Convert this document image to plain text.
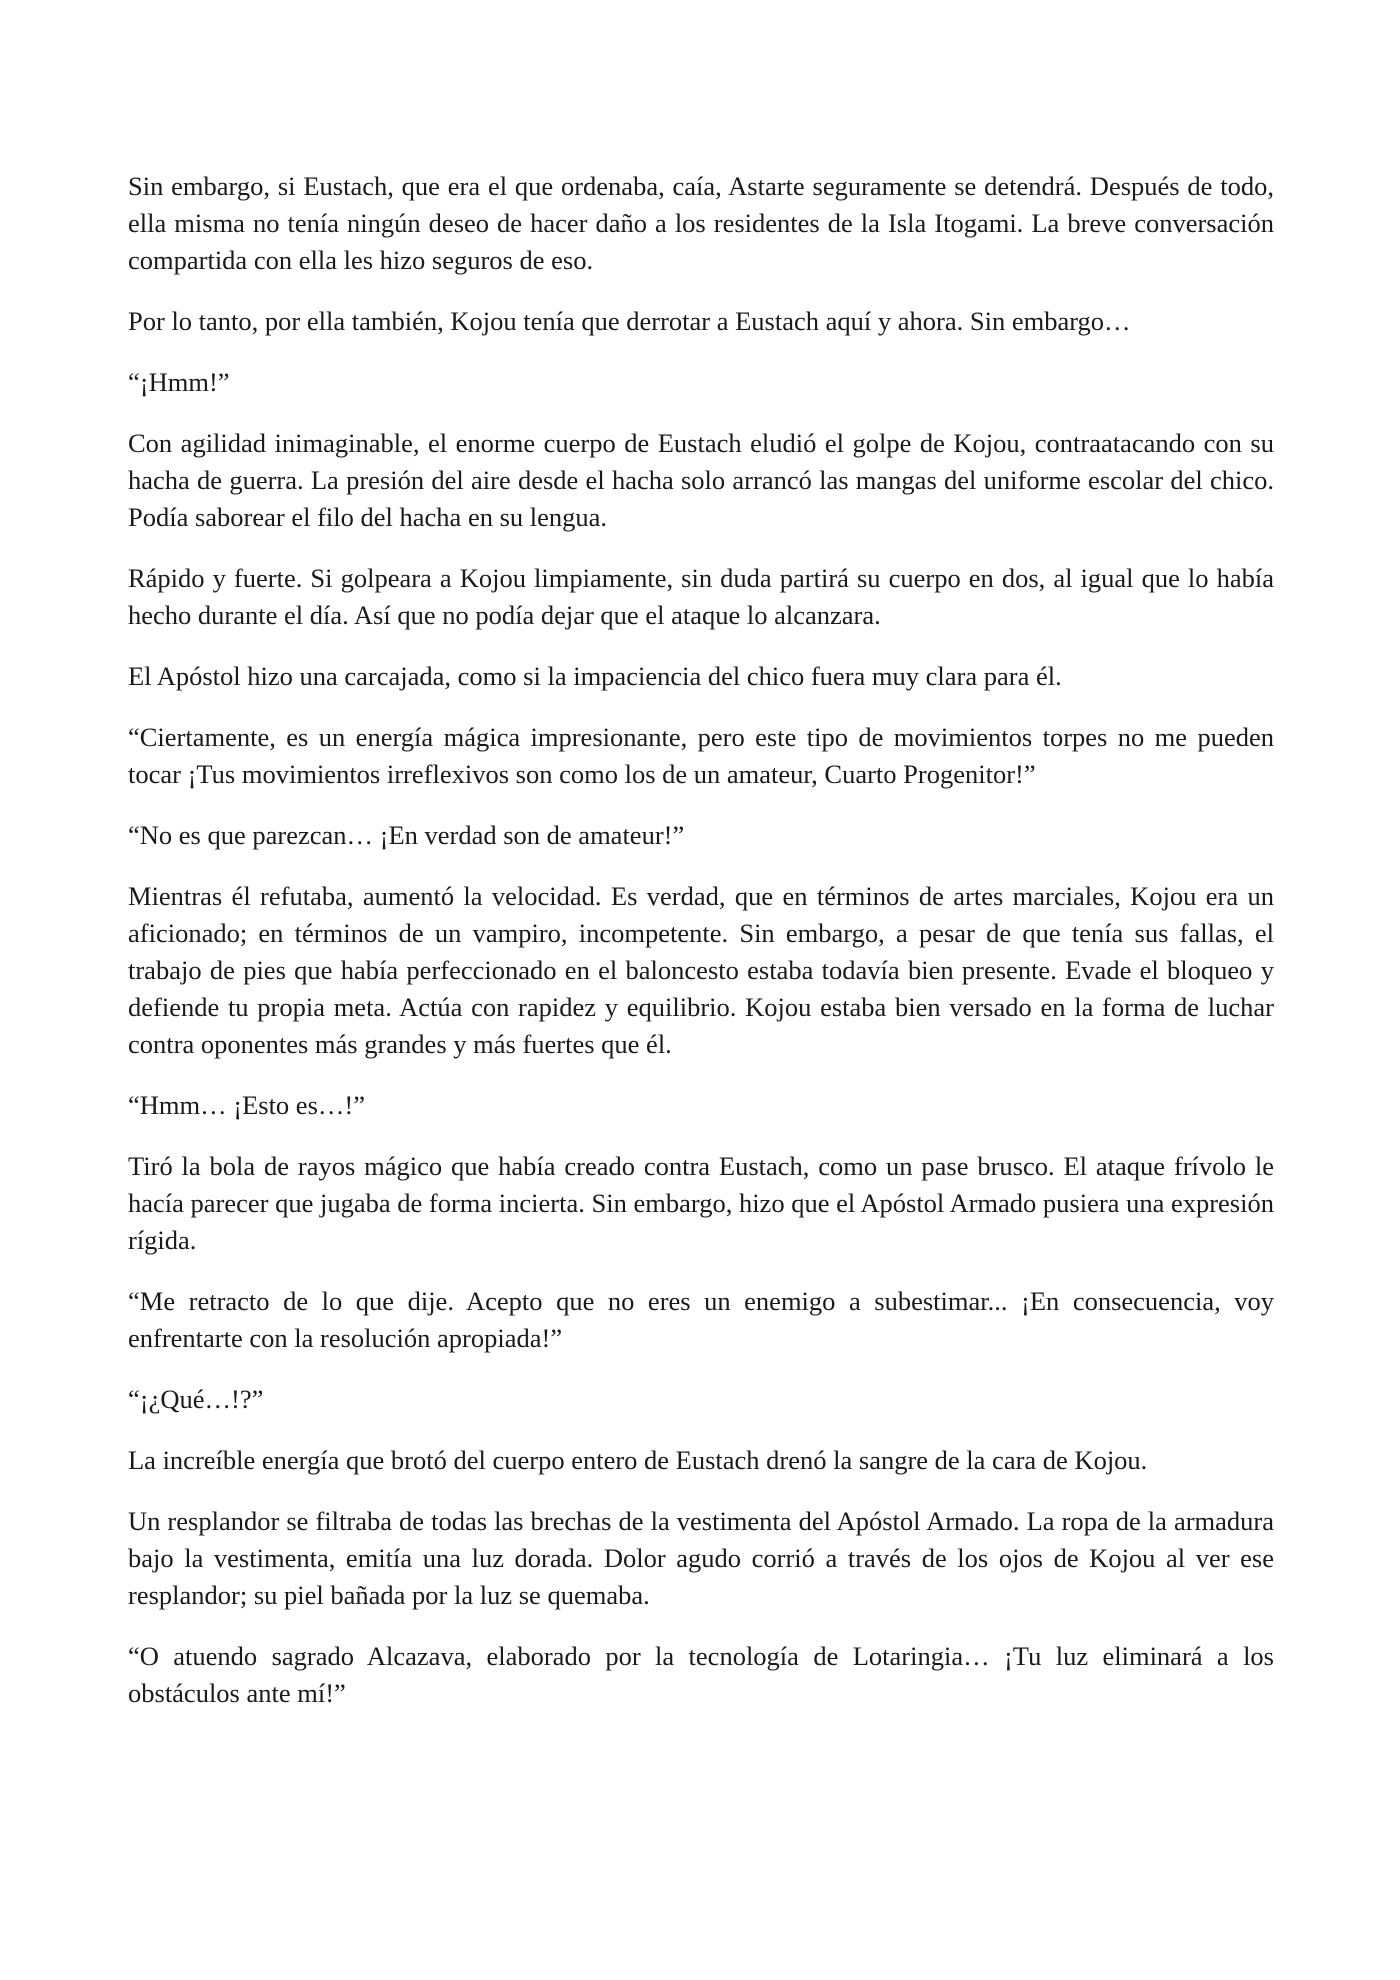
Sin embargo, si Eustach, que era el que ordenaba, caía, Astarte seguramente se detendrá. Después de todo, ella misma no tenía ningún deseo de hacer daño a los residentes de la Isla Itogami. La breve conversación compartida con ella les hizo seguros de eso.

Por lo tanto, por ella también, Kojou tenía que derrotar a Eustach aquí y ahora. Sin embargo…

“¡Hmm!”

Con agilidad inimaginable, el enorme cuerpo de Eustach eludió el golpe de Kojou, contraatacando con su hacha de guerra. La presión del aire desde el hacha solo arrancó las mangas del uniforme escolar del chico. Podía saborear el filo del hacha en su lengua.

Rápido y fuerte. Si golpeara a Kojou limpiamente, sin duda partirá su cuerpo en dos, al igual que lo había hecho durante el día. Así que no podía dejar que el ataque lo alcanzara.

El Apóstol hizo una carcajada, como si la impaciencia del chico fuera muy clara para él.

“Ciertamente, es un energía mágica impresionante, pero este tipo de movimientos torpes no me pueden tocar ¡Tus movimientos irreflexivos son como los de un amateur, Cuarto Progenitor!”

“No es que parezcan… ¡En verdad son de amateur!”

Mientras él refutaba, aumentó la velocidad. Es verdad, que en términos de artes marciales, Kojou era un aficionado; en términos de un vampiro, incompetente. Sin embargo, a pesar de que tenía sus fallas, el trabajo de pies que había perfeccionado en el baloncesto estaba todavía bien presente. Evade el bloqueo y defiende tu propia meta. Actúa con rapidez y equilibrio. Kojou estaba bien versado en la forma de luchar contra oponentes más grandes y más fuertes que él.

“Hmm… ¡Esto es…!”

Tiró la bola de rayos mágico que había creado contra Eustach, como un pase brusco. El ataque frívolo le hacía parecer que jugaba de forma incierta. Sin embargo, hizo que el Apóstol Armado pusiera una expresión rígida.

“Me retracto de lo que dije. Acepto que no eres un enemigo a subestimar... ¡En consecuencia, voy enfrentarte con la resolución apropiada!”

“¡¿Qué…!?”

La increíble energía que brotó del cuerpo entero de Eustach drenó la sangre de la cara de Kojou.

Un resplandor se filtraba de todas las brechas de la vestimenta del Apóstol Armado. La ropa de la armadura bajo la vestimenta, emitía una luz dorada. Dolor agudo corrió a través de los ojos de Kojou al ver ese resplandor; su piel bañada por la luz se quemaba.

“O atuendo sagrado Alcazava, elaborado por la tecnología de Lotaringia… ¡Tu luz eliminará a los obstáculos ante mí!”
